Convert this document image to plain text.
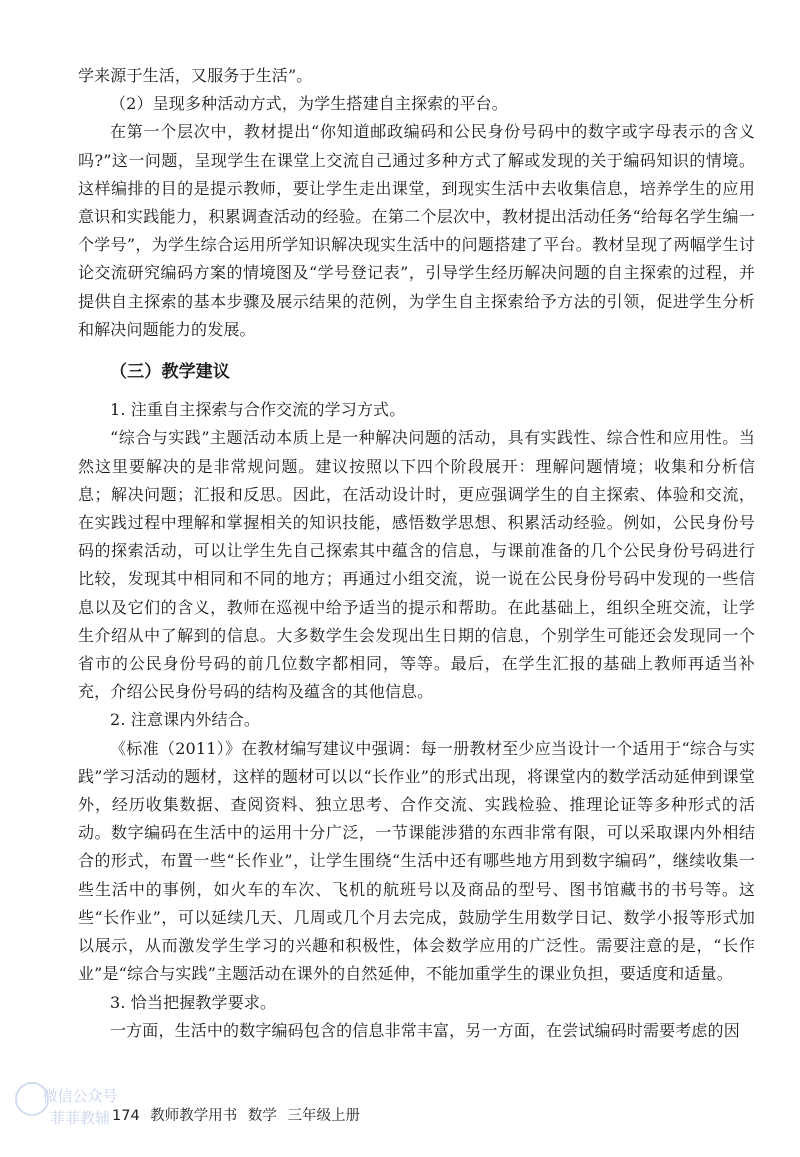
学来源于生活，又服务于生活”。

（2）呈现多种活动方式，为学生搭建自主探索的平台。

在第一个层次中，教材提出“你知道邮政编码和公民身份号码中的数字或字母表示的含义吗?”这一问题，呈现学生在课堂上交流自己通过多种方式了解或发现的关于编码知识的情境。这样编排的目的是提示教师，要让学生走出课堂，到现实生活中去收集信息，培养学生的应用意识和实践能力，积累调查活动的经验。在第二个层次中，教材提出活动任务“给每名学生编一个学号”，为学生综合运用所学知识解决现实生活中的问题搭建了平台。教材呈现了两幅学生讨论交流研究编码方案的情境图及“学号登记表”，引导学生经历解决问题的自主探索的过程，并提供自主探索的基本步骤及展示结果的范例，为学生自主探索给予方法的引领，促进学生分析和解决问题能力的发展。

（三）教学建议

1. 注重自主探索与合作交流的学习方式。

“综合与实践”主题活动本质上是一种解决问题的活动，具有实践性、综合性和应用性。当然这里要解决的是非常规问题。建议按照以下四个阶段展开：理解问题情境；收集和分析信息；解决问题；汇报和反思。因此，在活动设计时，更应强调学生的自主探索、体验和交流，在实践过程中理解和掌握相关的知识技能，感悟数学思想、积累活动经验。例如，公民身份号码的探索活动，可以让学生先自己探索其中蕴含的信息，与课前准备的几个公民身份号码进行比较，发现其中相同和不同的地方；再通过小组交流，说一说在公民身份号码中发现的一些信息以及它们的含义，教师在巡视中给予适当的提示和帮助。在此基础上，组织全班交流，让学生介绍从中了解到的信息。大多数学生会发现出生日期的信息，个别学生可能还会发现同一个省市的公民身份号码的前几位数字都相同，等等。最后，在学生汇报的基础上教师再适当补充，介绍公民身份号码的结构及蕴含的其他信息。

2. 注意课内外结合。

《标准（2011）》在教材编写建议中强调：每一册教材至少应当设计一个适用于“综合与实践”学习活动的题材，这样的题材可以以“长作业”的形式出现，将课堂内的数学活动延伸到课堂外，经历收集数据、查阅资料、独立思考、合作交流、实践检验、推理论证等多种形式的活动。数字编码在生活中的运用十分广泛，一节课能涉猎的东西非常有限，可以采取课内外相结合的形式，布置一些“长作业”，让学生围绕“生活中还有哪些地方用到数字编码”，继续收集一些生活中的事例，如火车的车次、飞机的航班号以及商品的型号、图书馆藏书的书号等。这些“长作业”，可以延续几天、几周或几个月去完成，鼓励学生用数学日记、数学小报等形式加以展示，从而激发学生学习的兴趣和积极性，体会数学应用的广泛性。需要注意的是，“长作业”是“综合与实践”主题活动在课外的自然延伸，不能加重学生的课业负担，要适度和适量。

3. 恰当把握教学要求。

一方面，生活中的数字编码包含的信息非常丰富，另一方面，在尝试编码时需要考虑的因

微信公众号
菲菲教辅 174 教师教学用书 数学 三年级上册
